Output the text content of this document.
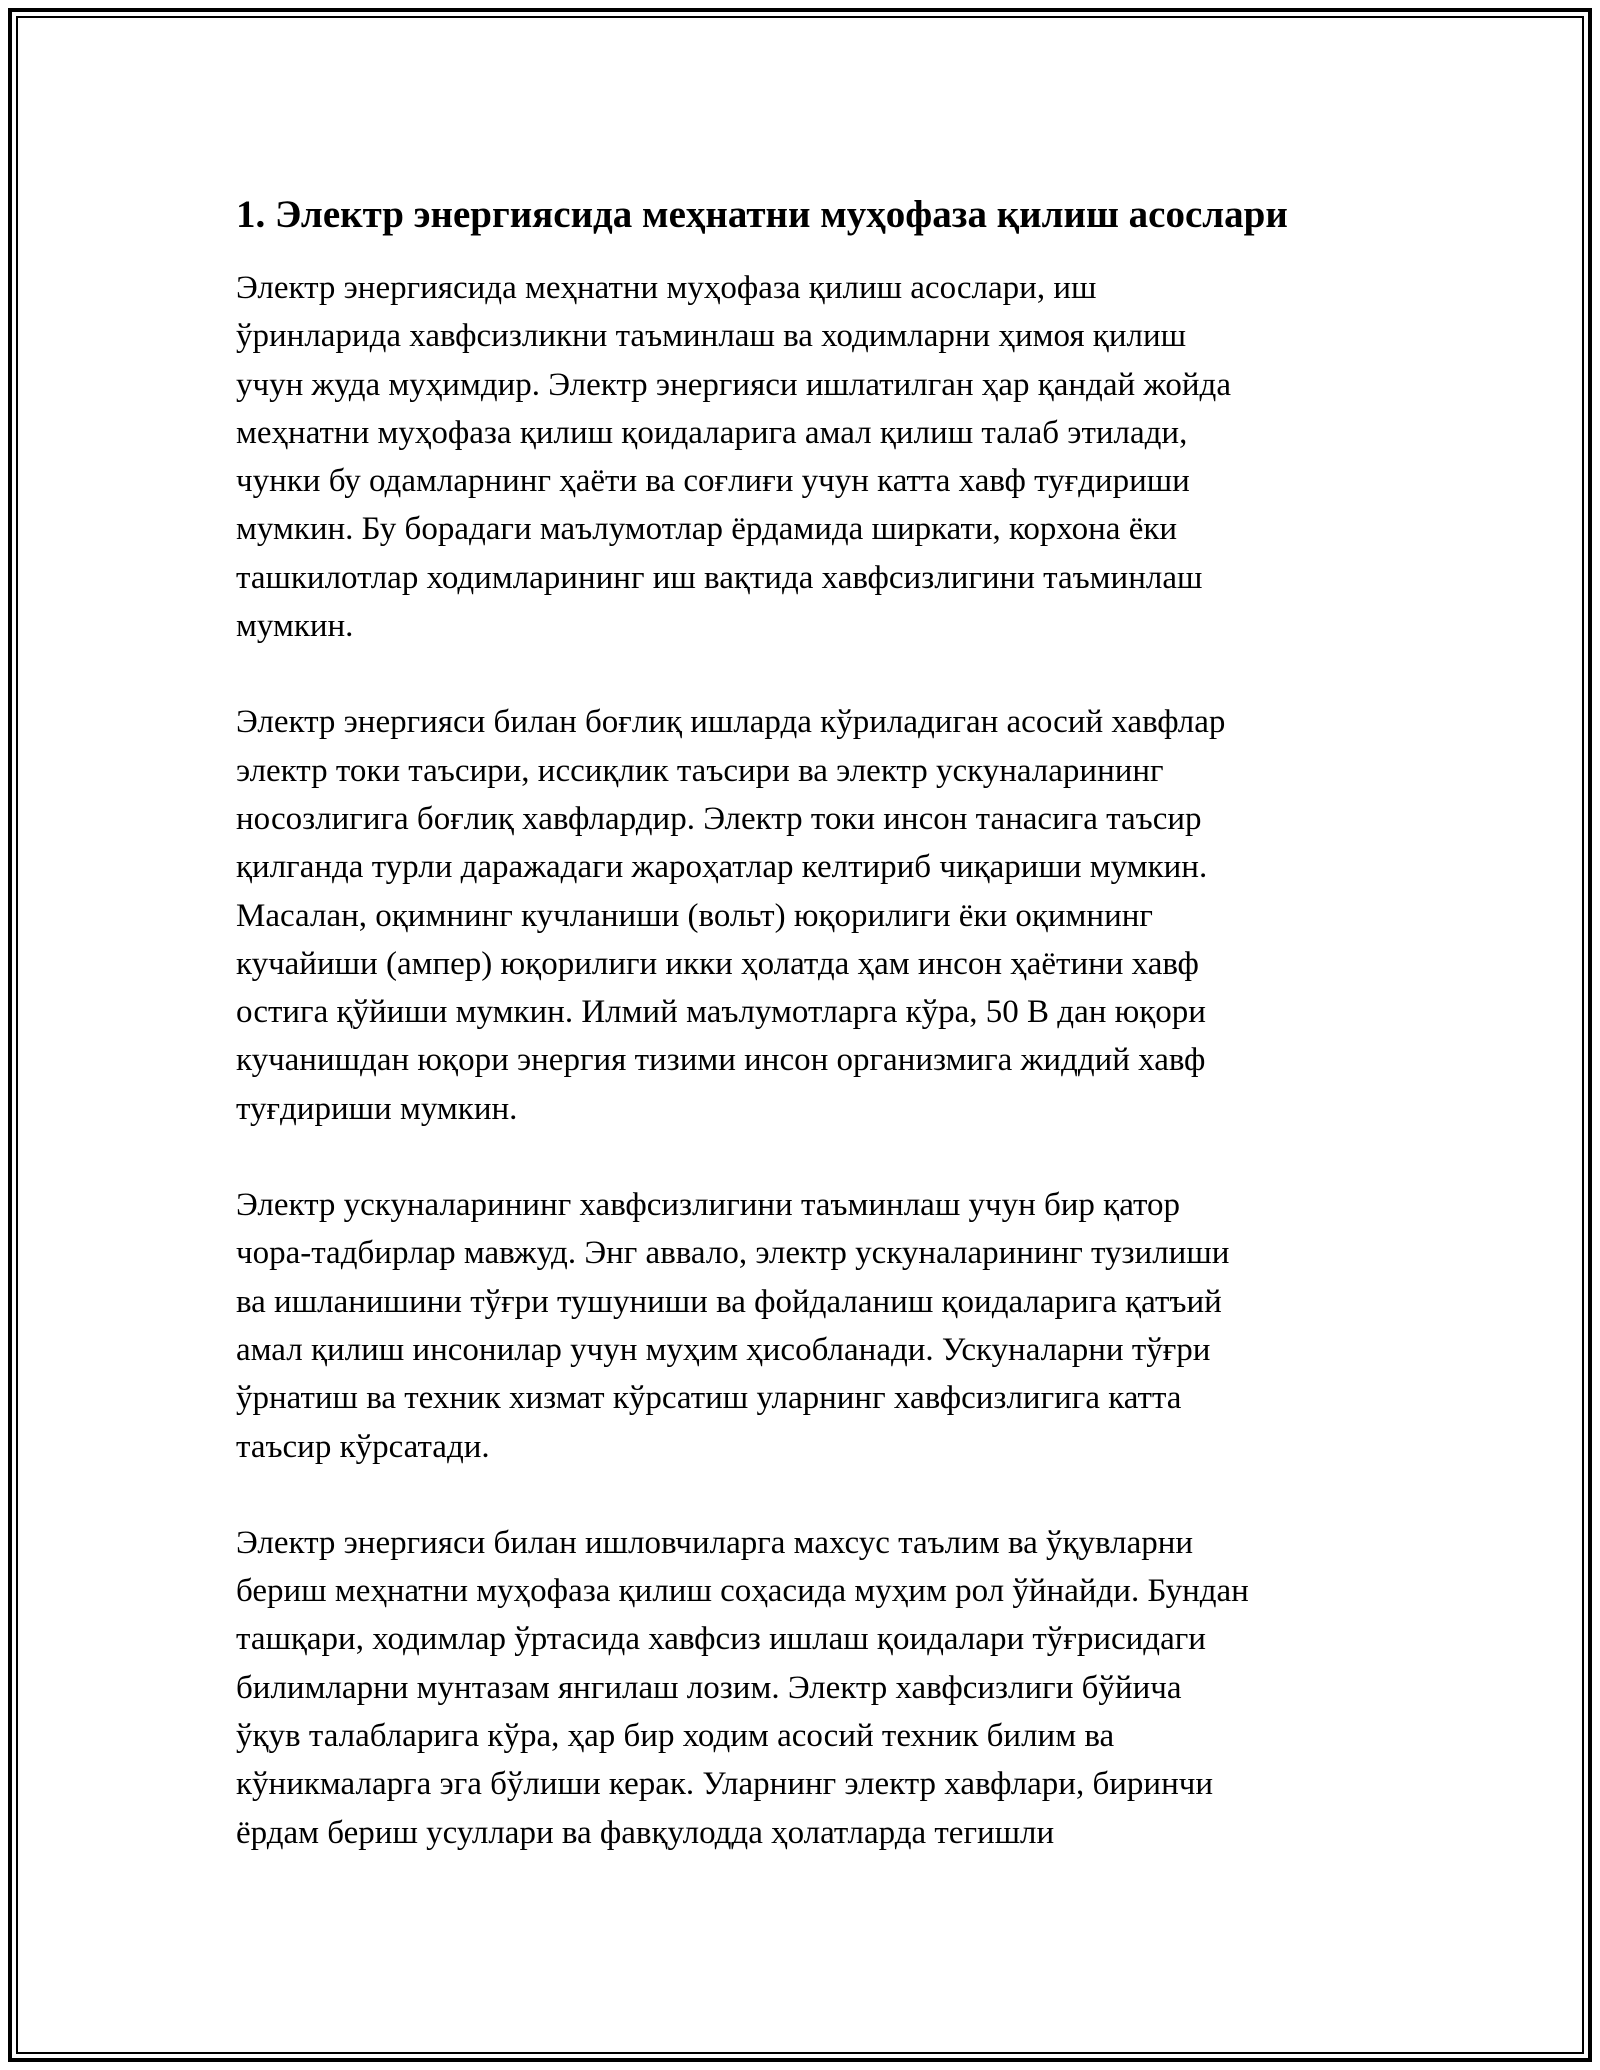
1. Электр энергиясида меҳнатни муҳофаза қилиш асослари

Электр энергиясида меҳнатни муҳофаза қилиш асослари, иш
ўринларида хавфсизликни таъминлаш ва ходимларни ҳимоя қилиш
учун жуда муҳимдир. Электр энергияси ишлатилган ҳар қандай жойда
меҳнатни муҳофаза қилиш қоидаларига амал қилиш талаб этилади,
чунки бу одамларнинг ҳаёти ва соғлиғи учун катта хавф туғдириши
мумкин. Бу борадаги маълумотлар ёрдамида ширкати, корхона ёки
ташкилотлар ходимларининг иш вақтида хавфсизлигини таъминлаш
мумкин.

Электр энергияси билан боғлиқ ишларда кўриладиган асосий хавфлар
электр токи таъсири, иссиқлик таъсири ва электр ускуналарининг
носозлигига боғлиқ хавфлардир. Электр токи инсон танасига таъсир
қилганда турли даражадаги жароҳатлар келтириб чиқариши мумкин.
Масалан, оқимнинг кучланиши (вольт) юқорилиги ёки оқимнинг
кучайиши (ампер) юқорилиги икки ҳолатда ҳам инсон ҳаётини хавф
остига қўйиши мумкин. Илмий маълумотларга кўра, 50 В дан юқори
кучанишдан юқори энергия тизими инсон организмига жиддий хавф
туғдириши мумкин.

Электр ускуналарининг хавфсизлигини таъминлаш учун бир қатор
чора-тадбирлар мавжуд. Энг аввало, электр ускуналарининг тузилиши
ва ишланишини тўғри тушуниши ва фойдаланиш қоидаларига қатъий
амал қилиш инсонилар учун муҳим ҳисобланади. Ускуналарни тўғри
ўрнатиш ва техник хизмат кўрсатиш уларнинг хавфсизлигига катта
таъсир кўрсатади.

Электр энергияси билан ишловчиларга махсус таълим ва ўқувларни
бериш меҳнатни муҳофаза қилиш соҳасида муҳим рол ўйнайди. Бундан
ташқари, ходимлар ўртасида хавфсиз ишлаш қоидалари тўғрисидаги
билимларни мунтазам янгилаш лозим. Электр хавфсизлиги бўйича
ўқув талабларига кўра, ҳар бир ходим асосий техник билим ва
кўникмаларга эга бўлиши керак. Уларнинг электр хавфлари, биринчи
ёрдам бериш усуллари ва фавқулодда ҳолатларда тегишли
